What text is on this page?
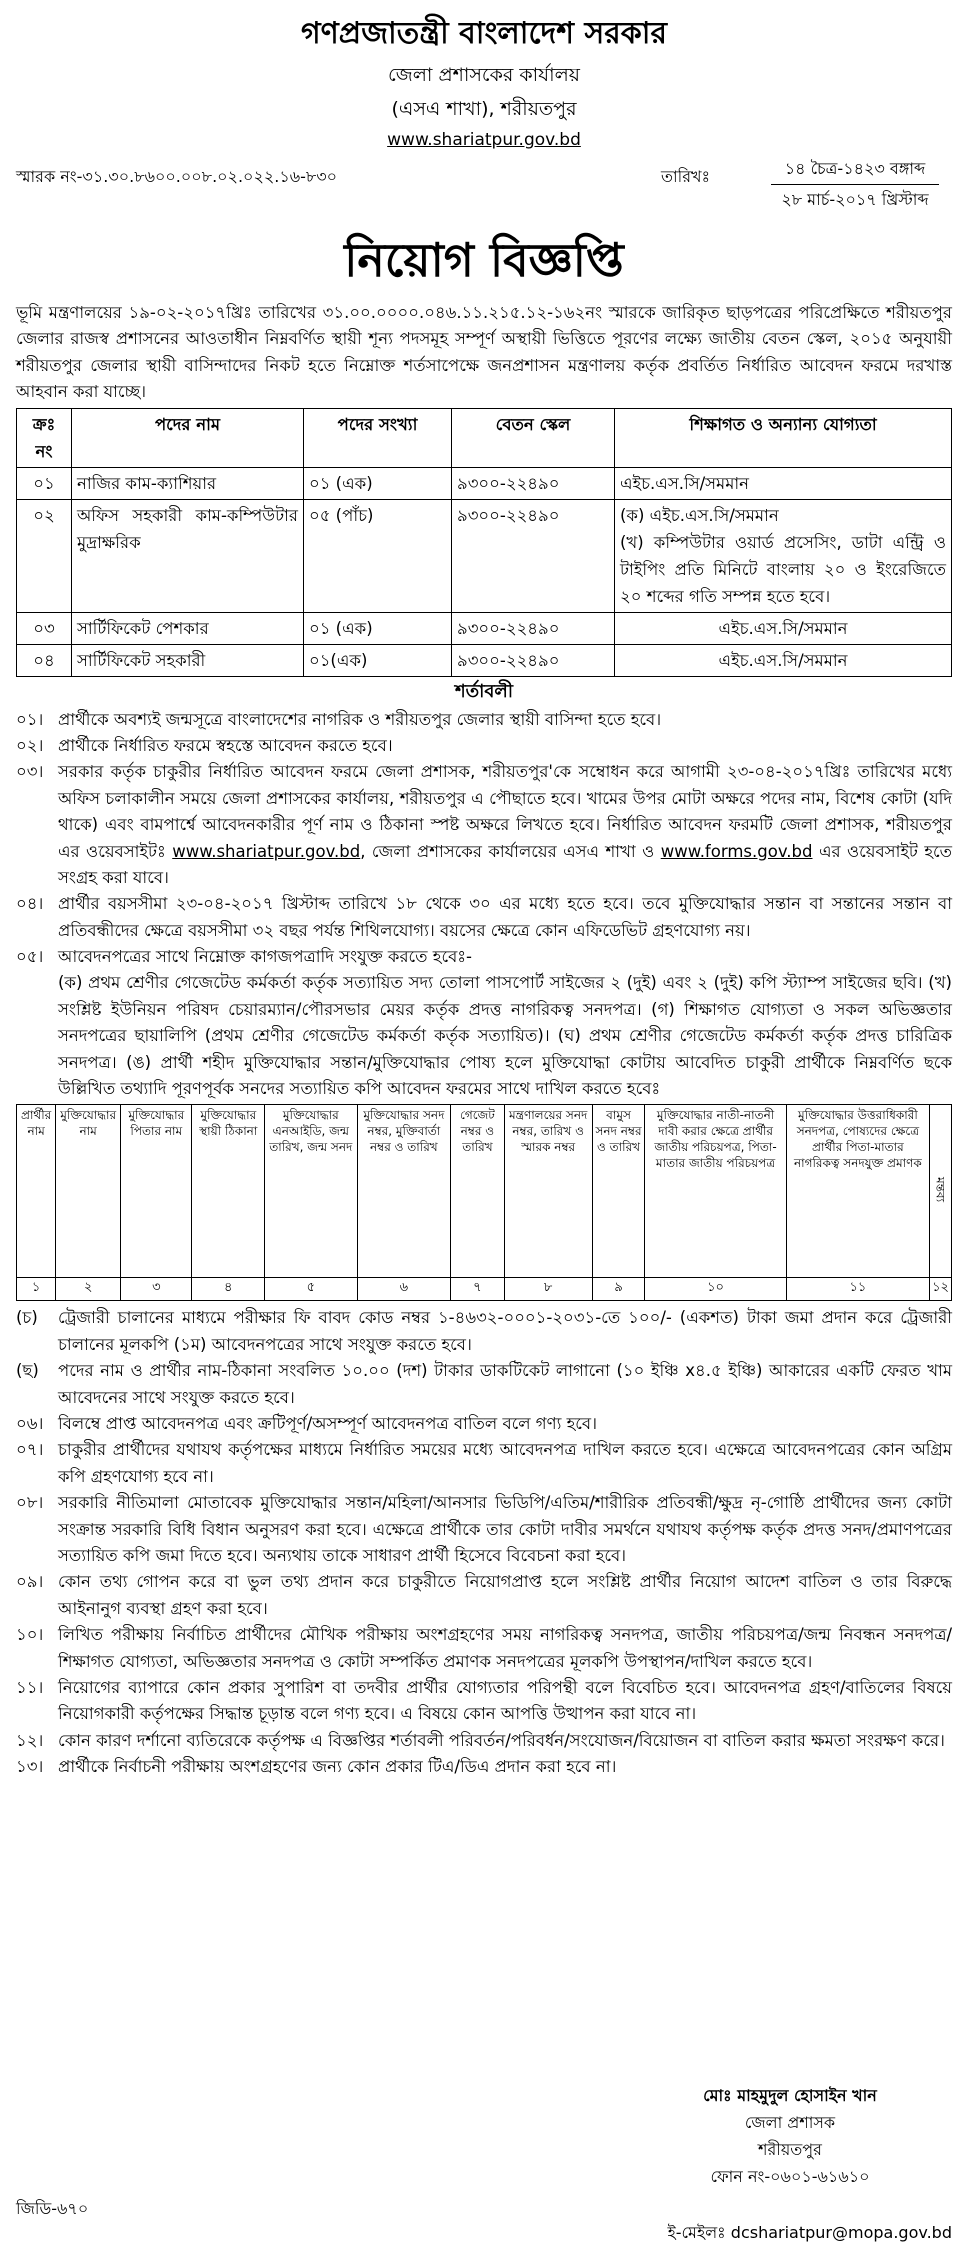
গণপ্রজাতন্ত্রী বাংলাদেশ সরকার
জেলা প্রশাসকের কার্যালয়
(এসএ শাখা), শরীয়তপুর
www.shariatpur.gov.bd
স্মারক নং-৩১.৩০.৮৬০০.০০৮.০২.০২২.১৬-৮৩০	তারিখঃ	১৪ চৈত্র-১৪২৩ বঙ্গাব্দ
২৮ মার্চ-২০১৭ খ্রিস্টাব্দ
নিয়োগ বিজ্ঞপ্তি

ভূমি মন্ত্রণালয়ের ১৯-০২-২০১৭খ্রিঃ তারিখের ৩১.০০.০০০০.০৪৬.১১.২১৫.১২-১৬২নং স্মারকে জারিকৃত ছাড়পত্রের পরিপ্রেক্ষিতে শরীয়তপুর জেলার রাজস্ব প্রশাসনের আওতাধীন নিম্নবর্ণিত স্থায়ী শূন্য পদসমূহ সম্পূর্ণ অস্থায়ী ভিত্তিতে পূরণের লক্ষ্যে জাতীয় বেতন স্কেল, ২০১৫ অনুযায়ী শরীয়তপুর জেলার স্থায়ী বাসিন্দাদের নিকট হতে নিম্নোক্ত শর্তসাপেক্ষে জনপ্রশাসন মন্ত্রণালয় কর্তৃক প্রবর্তিত নির্ধারিত আবেদন ফরমে দরখাস্ত আহবান করা যাচ্ছে।

ক্রঃ নং	পদের নাম	পদের সংখ্যা	বেতন স্কেল	শিক্ষাগত ও অন্যান্য যোগ্যতা
০১	নাজির কাম-ক্যাশিয়ার	০১ (এক)	৯৩০০-২২৪৯০	এইচ.এস.সি/সমমান
০২	অফিস সহকারী কাম-কম্পিউটার মুদ্রাক্ষরিক	০৫ (পাঁচ)	৯৩০০-২২৪৯০	(ক) এইচ.এস.সি/সমমান
(খ) কম্পিউটার ওয়ার্ড প্রসেসিং, ডাটা এন্ট্রি ও টাইপিং প্রতি মিনিটে বাংলায় ২০ ও ইংরেজিতে ২০ শব্দের গতি সম্পন্ন হতে হবে।

০৩	সার্টিফিকেট পেশকার	০১ (এক)	৯৩০০-২২৪৯০	এইচ.এস.সি/সমমান
০৪	সার্টিফিকেট সহকারী	০১(এক)	৯৩০০-২২৪৯০	এইচ.এস.সি/সমমান
শর্তাবলী
০১। প্রার্থীকে অবশ্যই জন্মসূত্রে বাংলাদেশের নাগরিক ও শরীয়তপুর জেলার স্থায়ী বাসিন্দা হতে হবে।
০২। প্রার্থীকে নির্ধারিত ফরমে স্বহস্তে আবেদন করতে হবে।
০৩। সরকার কর্তৃক চাকুরীর নির্ধারিত আবেদন ফরমে জেলা প্রশাসক, শরীয়তপুর'কে সম্বোধন করে আগামী ২৩-০৪-২০১৭খ্রিঃ তারিখের মধ্যে অফিস চলাকালীন সময়ে জেলা প্রশাসকের কার্যালয়, শরীয়তপুর এ পৌছাতে হবে। খামের উপর মোটা অক্ষরে পদের নাম, বিশেষ কোটা (যদি থাকে) এবং বামপার্শ্বে আবেদনকারীর পূর্ণ নাম ও ঠিকানা স্পষ্ট অক্ষরে লিখতে হবে। নির্ধারিত আবেদন ফরমটি জেলা প্রশাসক, শরীয়তপুর এর ওয়েবসাইটঃ www.shariatpur.gov.bd, জেলা প্রশাসকের কার্যালয়ের এসএ শাখা ও www.forms.gov.bd এর ওয়েবসাইট হতে সংগ্রহ করা যাবে।
০৪। প্রার্থীর বয়সসীমা ২৩-০৪-২০১৭ খ্রিস্টাব্দ তারিখে ১৮ থেকে ৩০ এর মধ্যে হতে হবে। তবে মুক্তিযোদ্ধার সন্তান বা সন্তানের সন্তান বা প্রতিবন্ধীদের ক্ষেত্রে বয়সসীমা ৩২ বছর পর্যন্ত শিথিলযোগ্য। বয়সের ক্ষেত্রে কোন এফিডেভিট গ্রহণযোগ্য নয়।
০৫। আবেদনপত্রের সাথে নিম্নোক্ত কাগজপত্রাদি সংযুক্ত করতে হবেঃ-
(ক) প্রথম শ্রেণীর গেজেটেড কর্মকর্তা কর্তৃক সত্যায়িত সদ্য তোলা পাসপোর্ট সাইজের ২ (দুই) এবং ২ (দুই) কপি স্ট্যাম্প সাইজের ছবি। (খ) সংশ্লিষ্ট ইউনিয়ন পরিষদ চেয়ারম্যান/পৌরসভার মেয়র কর্তৃক প্রদত্ত নাগরিকত্ব সনদপত্র। (গ) শিক্ষাগত যোগ্যতা ও সকল অভিজ্ঞতার সনদপত্রের ছায়ালিপি (প্রথম শ্রেণীর গেজেটেড কর্মকর্তা কর্তৃক সত্যায়িত)। (ঘ) প্রথম শ্রেণীর গেজেটেড কর্মকর্তা কর্তৃক প্রদত্ত চারিত্রিক সনদপত্র। (ঙ) প্রার্থী শহীদ মুক্তিযোদ্ধার সন্তান/মুক্তিযোদ্ধার পোষ্য হলে মুক্তিযোদ্ধা কোটায় আবেদিত চাকুরী প্রার্থীকে নিম্নবর্ণিত ছকে উল্লিখিত তথ্যাদি পূরণপূর্বক সনদের সত্যায়িত কপি আবেদন ফরমের সাথে দাখিল করতে হবেঃ
প্রার্থীর নাম	মুক্তিযোদ্ধার নাম	মুক্তিযোদ্ধার পিতার নাম	মুক্তিযোদ্ধার স্থায়ী ঠিকানা	মুক্তিযোদ্ধার এনআইডি, জন্ম তারিখ, জন্ম সনদ	মুক্তিযোদ্ধার সনদ নম্বর, মুক্তিবার্তা নম্বর ও তারিখ	গেজেট নম্বর ও তারিখ	মন্ত্রণালয়ের সনদ নম্বর, তারিখ ও স্মারক নম্বর	বামুস সনদ নম্বর ও তারিখ	মুক্তিযোদ্ধার নাতী-নাতনী দাবী করার ক্ষেত্রে প্রার্থীর জাতীয় পরিচয়পত্র, পিতা-মাতার জাতীয় পরিচয়পত্র	মুক্তিযোদ্ধার উত্তরাধিকারী সনদপত্র, পোষ্যদের ক্ষেত্রে প্রার্থীর পিতা-মাতার নাগরিকত্ব সনদযুক্ত প্রমাণক	মন্তব্য
১	২	৩	৪	৫	৬	৭	৮	৯	১০	১১	১২
(চ)	ট্রেজারী চালানের মাধ্যমে পরীক্ষার ফি বাবদ কোড নম্বর ১-৪৬৩২-০০০১-২০৩১-তে ১০০/- (একশত) টাকা জমা প্রদান করে ট্রেজারী চালানের মূলকপি (১ম) আবেদনপত্রের সাথে সংযুক্ত করতে হবে।
(ছ)	পদের নাম ও প্রার্থীর নাম-ঠিকানা সংবলিত ১০.০০ (দশ) টাকার ডাকটিকেট লাগানো (১০ ইঞ্চি x৪.৫ ইঞ্চি) আকারের একটি ফেরত খাম আবেদনের সাথে সংযুক্ত করতে হবে।
০৬। বিলম্বে প্রাপ্ত আবেদনপত্র এবং ক্রটিপূর্ণ/অসম্পূর্ণ আবেদনপত্র বাতিল বলে গণ্য হবে।
০৭। চাকুরীর প্রার্থীদের যথাযথ কর্তৃপক্ষের মাধ্যমে নির্ধারিত সময়ের মধ্যে আবেদনপত্র দাখিল করতে হবে। এক্ষেত্রে আবেদনপত্রের কোন অগ্রিম কপি গ্রহণযোগ্য হবে না।
০৮। সরকারি নীতিমালা মোতাবেক মুক্তিযোদ্ধার সন্তান/মহিলা/আনসার ভিডিপি/এতিম/শারীরিক প্রতিবন্ধী/ক্ষুদ্র নৃ-গোষ্ঠি প্রার্থীদের জন্য কোটা সংক্রান্ত সরকারি বিধি বিধান অনুসরণ করা হবে। এক্ষেত্রে প্রার্থীকে তার কোটা দাবীর সমর্থনে যথাযথ কর্তৃপক্ষ কর্তৃক প্রদত্ত সনদ/প্রমাণপত্রের সত্যায়িত কপি জমা দিতে হবে। অন্যথায় তাকে সাধারণ প্রার্থী হিসেবে বিবেচনা করা হবে।
০৯। কোন তথ্য গোপন করে বা ভুল তথ্য প্রদান করে চাকুরীতে নিয়োগপ্রাপ্ত হলে সংশ্লিষ্ট প্রার্থীর নিয়োগ আদেশ বাতিল ও তার বিরুদ্ধে আইনানুগ ব্যবস্থা গ্রহণ করা হবে।
১০। লিখিত পরীক্ষায় নির্বাচিত প্রার্থীদের মৌখিক পরীক্ষায় অংশগ্রহণের সময় নাগরিকত্ব সনদপত্র, জাতীয় পরিচয়পত্র/জন্ম নিবন্ধন সনদপত্র/শিক্ষাগত যোগ্যতা, অভিজ্ঞতার সনদপত্র ও কোটা সম্পর্কিত প্রমাণক সনদপত্রের মূলকপি উপস্থাপন/দাখিল করতে হবে।
১১। নিয়োগের ব্যাপারে কোন প্রকার সুপারিশ বা তদবীর প্রার্থীর যোগ্যতার পরিপন্থী বলে বিবেচিত হবে। আবেদনপত্র গ্রহণ/বাতিলের বিষয়ে নিয়োগকারী কর্তৃপক্ষের সিদ্ধান্ত চূড়ান্ত বলে গণ্য হবে। এ বিষয়ে কোন আপত্তি উত্থাপন করা যাবে না।
১২। কোন কারণ দর্শানো ব্যতিরেকে কর্তৃপক্ষ এ বিজ্ঞপ্তির শর্তাবলী পরিবর্তন/পরিবর্ধন/সংযোজন/বিয়োজন বা বাতিল করার ক্ষমতা সংরক্ষণ করে।
১৩। প্রার্থীকে নির্বাচনী পরীক্ষায় অংশগ্রহণের জন্য কোন প্রকার টিএ/ডিএ প্রদান করা হবে না।
মোঃ মাহমুদুল হোসাইন খান
জেলা প্রশাসক
শরীয়তপুর
ফোন নং-০৬০১-৬১৬১০
জিডি-৬৭০
ই-মেইলঃ dcshariatpur@mopa.gov.bd
